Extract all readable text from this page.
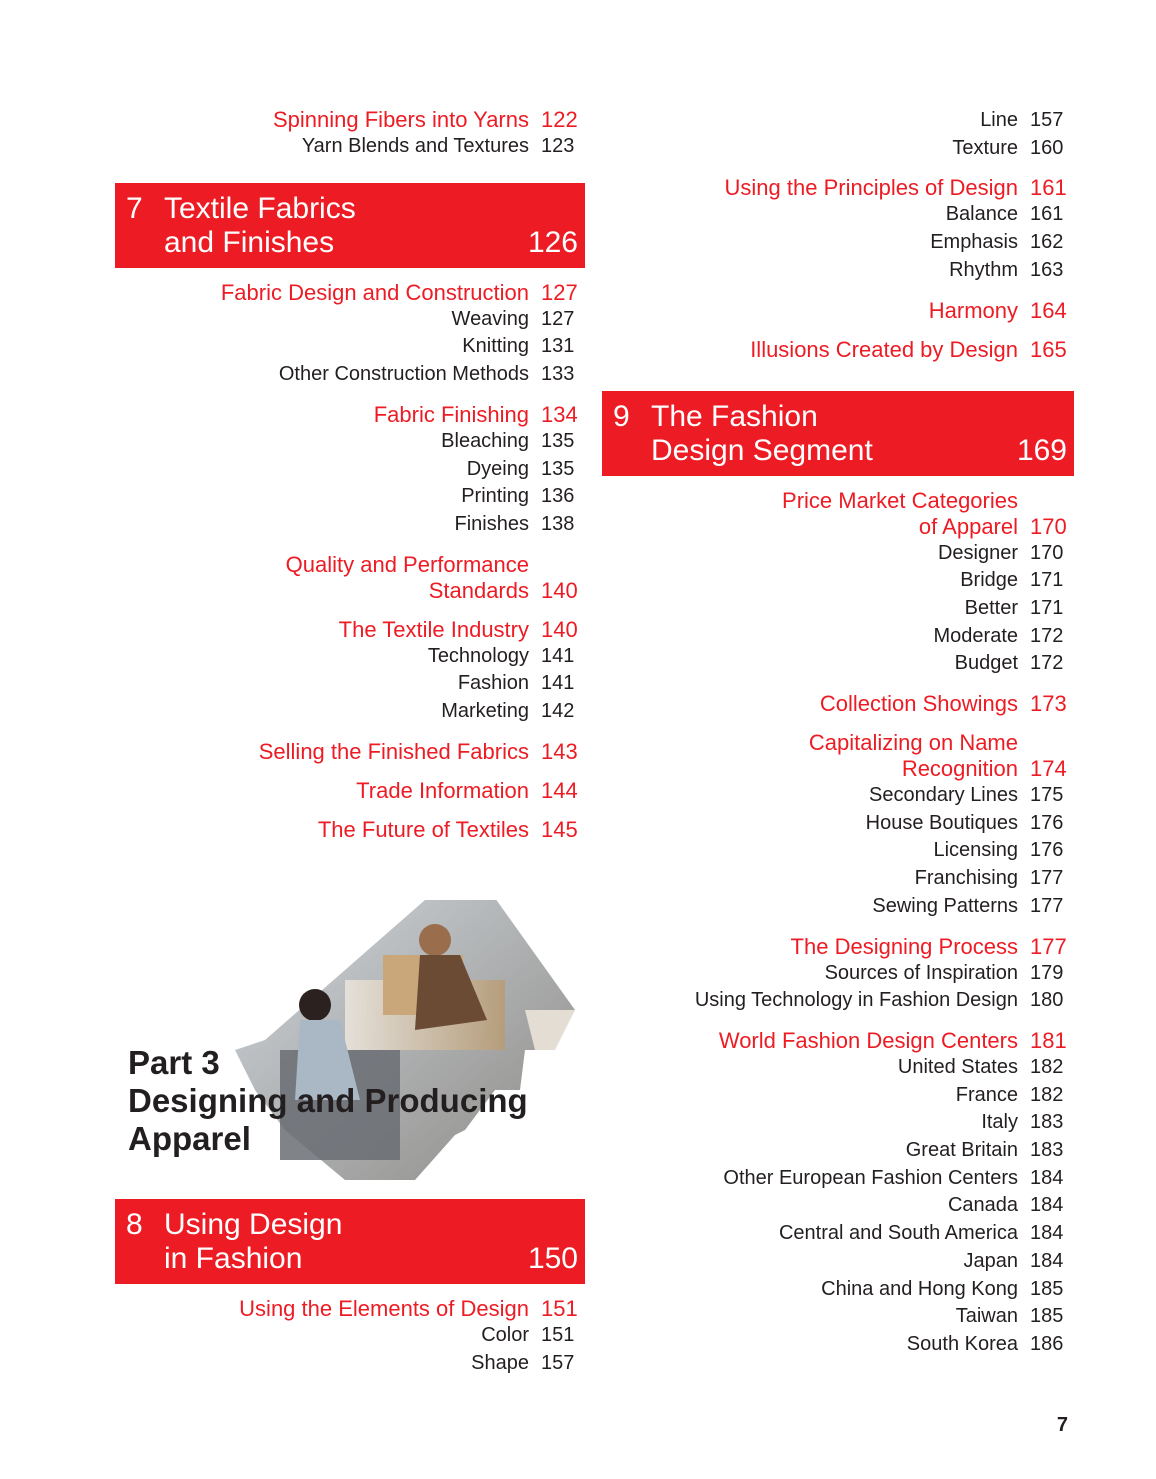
Spinning Fibers into Yarns 122
Yarn Blends and Textures 123
7 Textile Fabrics
and Finishes	126
Fabric Design and Construction 127
Weaving 127
Knitting 131
Other Construction Methods 133
Fabric Finishing 134
Bleaching 135
Dyeing 135
Printing 136
Finishes 138
Quality and Performance
Standards 140
The Textile Industry 140
Technology 141
Fashion 141
Marketing 142
Selling the Finished Fabrics 143
Trade Information 144
The Future of Textiles 145
Part 3
Designing and Producing
Apparel
8 Using Design
in Fashion	150
Using the Elements of Design 151
Color 151
Shape 157
Line 157
Texture 160
Using the Principles of Design 161
Balance 161
Emphasis 162
Rhythm 163
Harmony 164
Illusions Created by Design 165
9 The Fashion
Design Segment	169
Price Market Categories
of Apparel 170
Designer 170
Bridge 171
Better 171
Moderate 172
Budget 172
Collection Showings 173
Capitalizing on Name
Recognition 174
Secondary Lines 175
House Boutiques 176
Licensing 176
Franchising 177
Sewing Patterns 177
The Designing Process 177
Sources of Inspiration 179
Using Technology in Fashion Design 180
World Fashion Design Centers 181
United States 182
France 182
Italy 183
Great Britain 183
Other European Fashion Centers 184
Canada 184
Central and South America 184
Japan 184
China and Hong Kong 185
Taiwan 185
South Korea 186
7
